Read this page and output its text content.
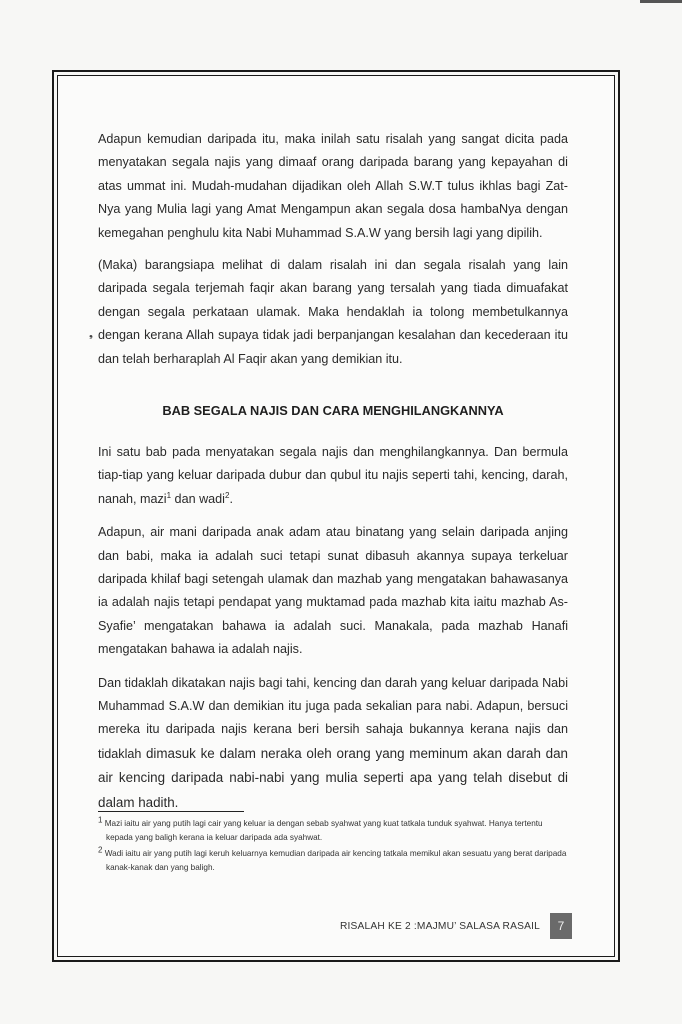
Adapun kemudian daripada itu, maka inilah satu risalah yang sangat dicita pada menyatakan segala najis yang dimaaf orang daripada barang yang kepayahan di atas ummat ini. Mudah-mudahan dijadikan oleh Allah S.W.T tulus ikhlas bagi Zat-Nya yang Mulia lagi yang Amat Mengampun akan segala dosa hambaNya dengan kemegahan penghulu kita Nabi Muhammad S.A.W yang bersih lagi yang dipilih.

(Maka) barangsiapa melihat di dalam risalah ini dan segala risalah yang lain daripada segala terjemah faqir akan barang yang tersalah yang tiada dimuafakat dengan segala perkataan ulamak. Maka hendaklah ia tolong membetulkannya dengan kerana Allah supaya tidak jadi berpanjangan kesalahan dan kecederaan itu dan telah berharaplah Al Faqir akan yang demikian itu.

❟
BAB SEGALA NAJIS DAN CARA MENGHILANGKANNYA

Ini satu bab pada menyatakan segala najis dan menghilangkannya. Dan bermula tiap-tiap yang keluar daripada dubur dan qubul itu najis seperti tahi, kencing, darah, nanah, mazi$^1$ dan wadi$^2$.

Adapun, air mani daripada anak adam atau binatang yang selain daripada anjing dan babi, maka ia adalah suci tetapi sunat dibasuh akannya supaya terkeluar daripada khilaf bagi setengah ulamak dan mazhab yang mengatakan bahawasanya ia adalah najis tetapi pendapat yang muktamad pada mazhab kita iaitu mazhab As-Syafie’ mengatakan bahawa ia adalah suci. Manakala, pada mazhab Hanafi mengatakan bahawa ia adalah najis.

Dan tidaklah dikatakan najis bagi tahi, kencing dan darah yang keluar daripada Nabi Muhammad S.A.W dan demikian itu juga pada sekalian para nabi. Adapun, bersuci mereka itu daripada najis kerana beri bersih sahaja bukannya kerana najis dan tidaklah dimasuk ke dalam neraka oleh orang yang meminum akan darah dan air kencing daripada nabi-nabi yang mulia seperti apa yang telah disebut di dalam hadith.

$^1$ Mazi iaitu air yang putih lagi cair yang keluar ia dengan sebab syahwat yang kuat tatkala tunduk syahwat. Hanya tertentu kepada yang baligh kerana ia keluar daripada ada syahwat.
$^2$ Wadi iaitu air yang putih lagi keruh keluarnya kemudian daripada air kencing tatkala memikul akan sesuatu yang berat daripada kanak-kanak dan yang baligh.
RISALAH KE 2 :MAJMU’ SALASA RASAIL	7
